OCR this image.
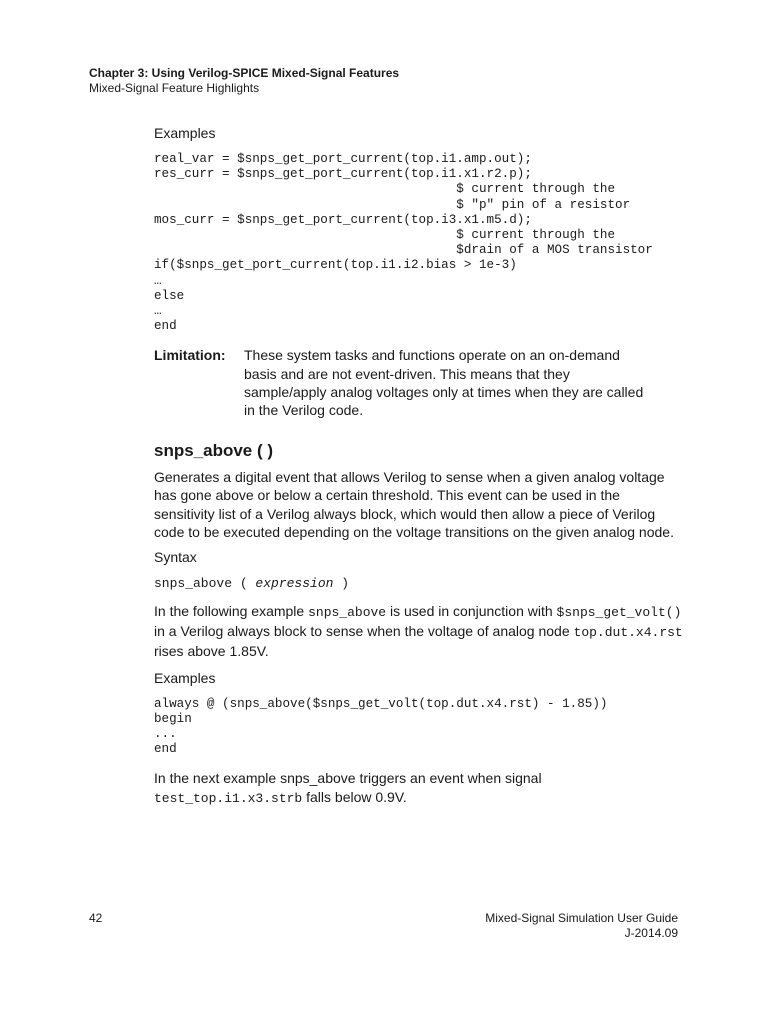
Chapter 3: Using Verilog-SPICE Mixed-Signal Features
Mixed-Signal Feature Highlights

Examples

real_var = $snps_get_port_current(top.i1.amp.out);
res_curr = $snps_get_port_current(top.i1.x1.r2.p);
$ current through the
$ "p" pin of a resistor
mos_curr = $snps_get_port_current(top.i3.x1.m5.d);
$ current through the
$drain of a MOS transistor
if($snps_get_port_current(top.i1.i2.bias > 1e-3)
…
else
…
end
Limitation: These system tasks and functions operate on an on-demand basis and are not event-driven. This means that they sample/apply analog voltages only at times when they are called in the Verilog code.
snps_above ( )

Generates a digital event that allows Verilog to sense when a given analog voltage has gone above or below a certain threshold. This event can be used in the sensitivity list of a Verilog always block, which would then allow a piece of Verilog code to be executed depending on the voltage transitions on the given analog node.

Syntax

snps_above ( expression )

In the following example snps_above is used in conjunction with $snps_get_volt() in a Verilog always block to sense when the voltage of analog node top.dut.x4.rst rises above 1.85V.

Examples

always @ (snps_above($snps_get_volt(top.dut.x4.rst) - 1.85))
begin
...
end

In the next example snps_above triggers an event when signal test_top.i1.x3.strb falls below 0.9V.

42	Mixed-Signal Simulation User Guide
J-2014.09
